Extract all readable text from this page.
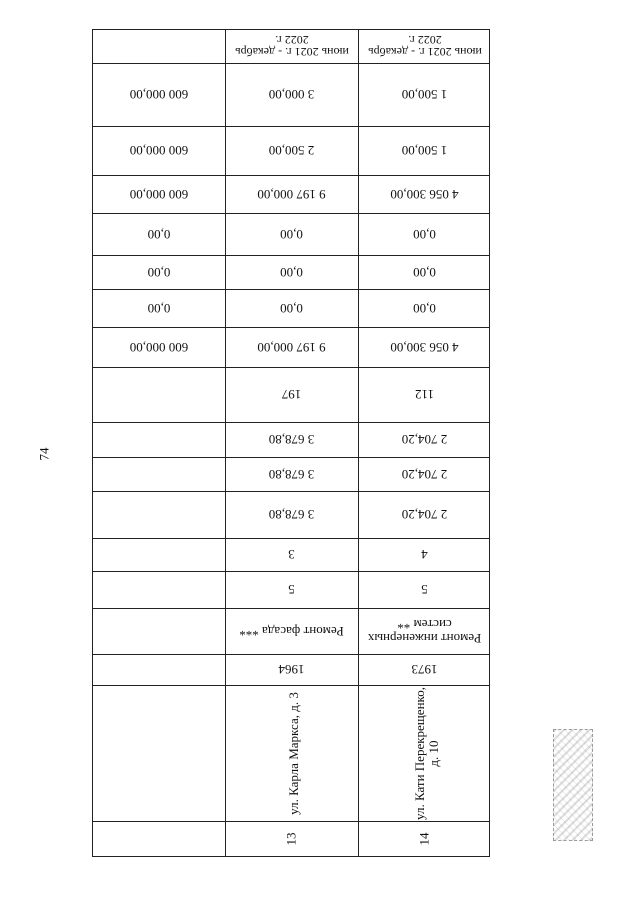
74
июнь 2021 г. - декабрь 2022 г.
3 000,00
2 500,00
9 197 000,00
0,00
0,00
0,00
9 197 000,00
197
3 678,80
3 678,80
3 678,80
3
5
Ремонт фасада ***
1964
ул. Карла Маркса, д. 3
13
июнь 2021 г. - декабрь 2022 г.
1 500,00
1 500,00
4 056 300,00
0,00
0,00
0,00
4 056 300,00
112
2 704,20
2 704,20
2 704,20
4
5
Ремонт инженерных систем **
1973
ул. Кати Перекрещенко, д. 10
14
600 000,00
600 000,00
600 000,00
0,00
0,00
0,00
600 000,00
